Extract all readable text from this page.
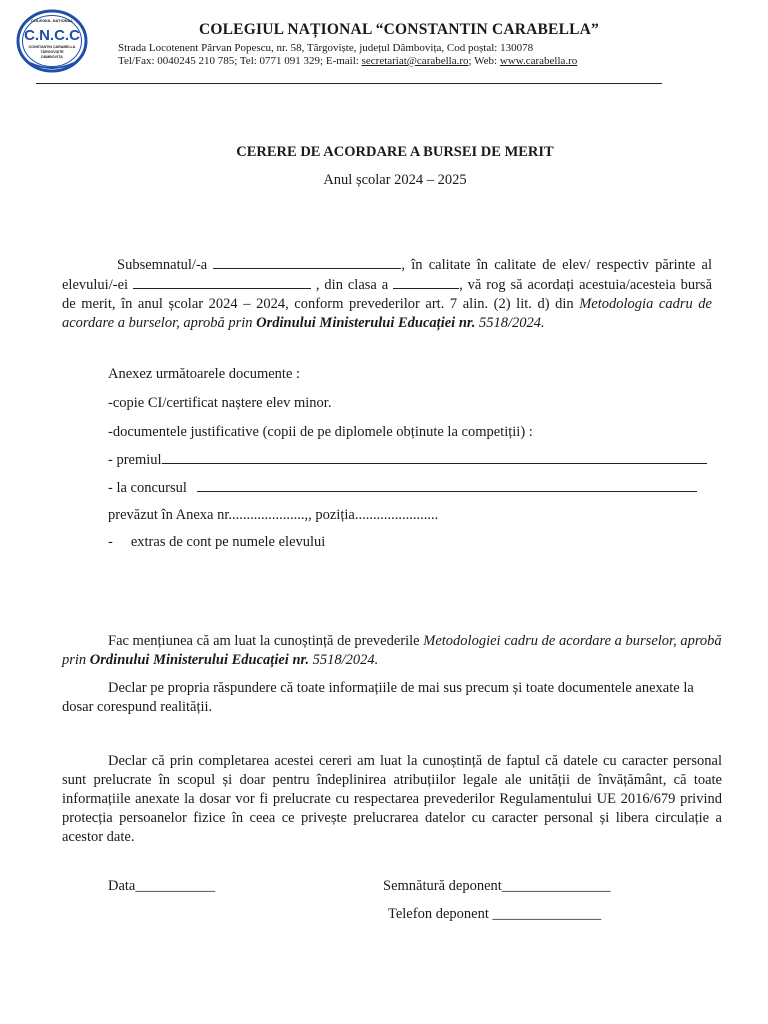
COLEGIUL NATIONAL
C.N.C.C
CONSTANTIN CARABELLA
TÂRGOVIȘTE
DÂMBOVIȚA
COLEGIUL NAȚIONAL “CONSTANTIN CARABELLA”
Strada Locotenent Pârvan Popescu, nr. 58, Târgoviște, județul Dâmbovița, Cod poștal: 130078
Tel/Fax: 0040245 210 785; Tel: 0771 091 329; E-mail: secretariat@carabella.ro; Web: www.carabella.ro
CERERE DE ACORDARE A BURSEI DE MERIT
Anul școlar 2024 – 2025
Subsemnatul/-a	, în calitate în calitate de elev/ respectiv părinte al elevului/-ei	, din clasa a	, vă rog să acordați acestuia/acesteia bursă de merit, în anul școlar 2024 – 2024, conform prevederilor art. 7 alin. (2) lit. d) din Metodologia cadru de acordare a burselor, aprobă prin Ordinului Ministerului Educației nr. 5518/2024.
Anexez următoarele documente :
-copie CI/certificat naștere elev minor.
-documentele justificative (copii de pe diplomele obținute la competiții) :
- premiul
- la concursul
prevăzut în Anexa nr.....................,, poziția.......................
- extras de cont pe numele elevului
Fac mențiunea că am luat la cunoștință de prevederile Metodologiei cadru de acordare a burselor, aprobă prin Ordinului Ministerului Educației nr. 5518/2024.
Declar pe propria răspundere că toate informațiile de mai sus precum și toate documentele anexate la dosar corespund realității.
Declar că prin completarea acestei cereri am luat la cunoștință de faptul că datele cu caracter personal sunt prelucrate în scopul și doar pentru îndeplinirea atribuțiilor legale ale unității de învățământ, că toate informațiile anexate la dosar vor fi prelucrate cu respectarea prevederilor Regulamentului UE 2016/679 privind protecția persoanelor fizice în ceea ce privește prelucrarea datelor cu caracter personal și libera circulație a acestor date.
Data___________	Semnătură deponent_______________
Telefon deponent _______________
